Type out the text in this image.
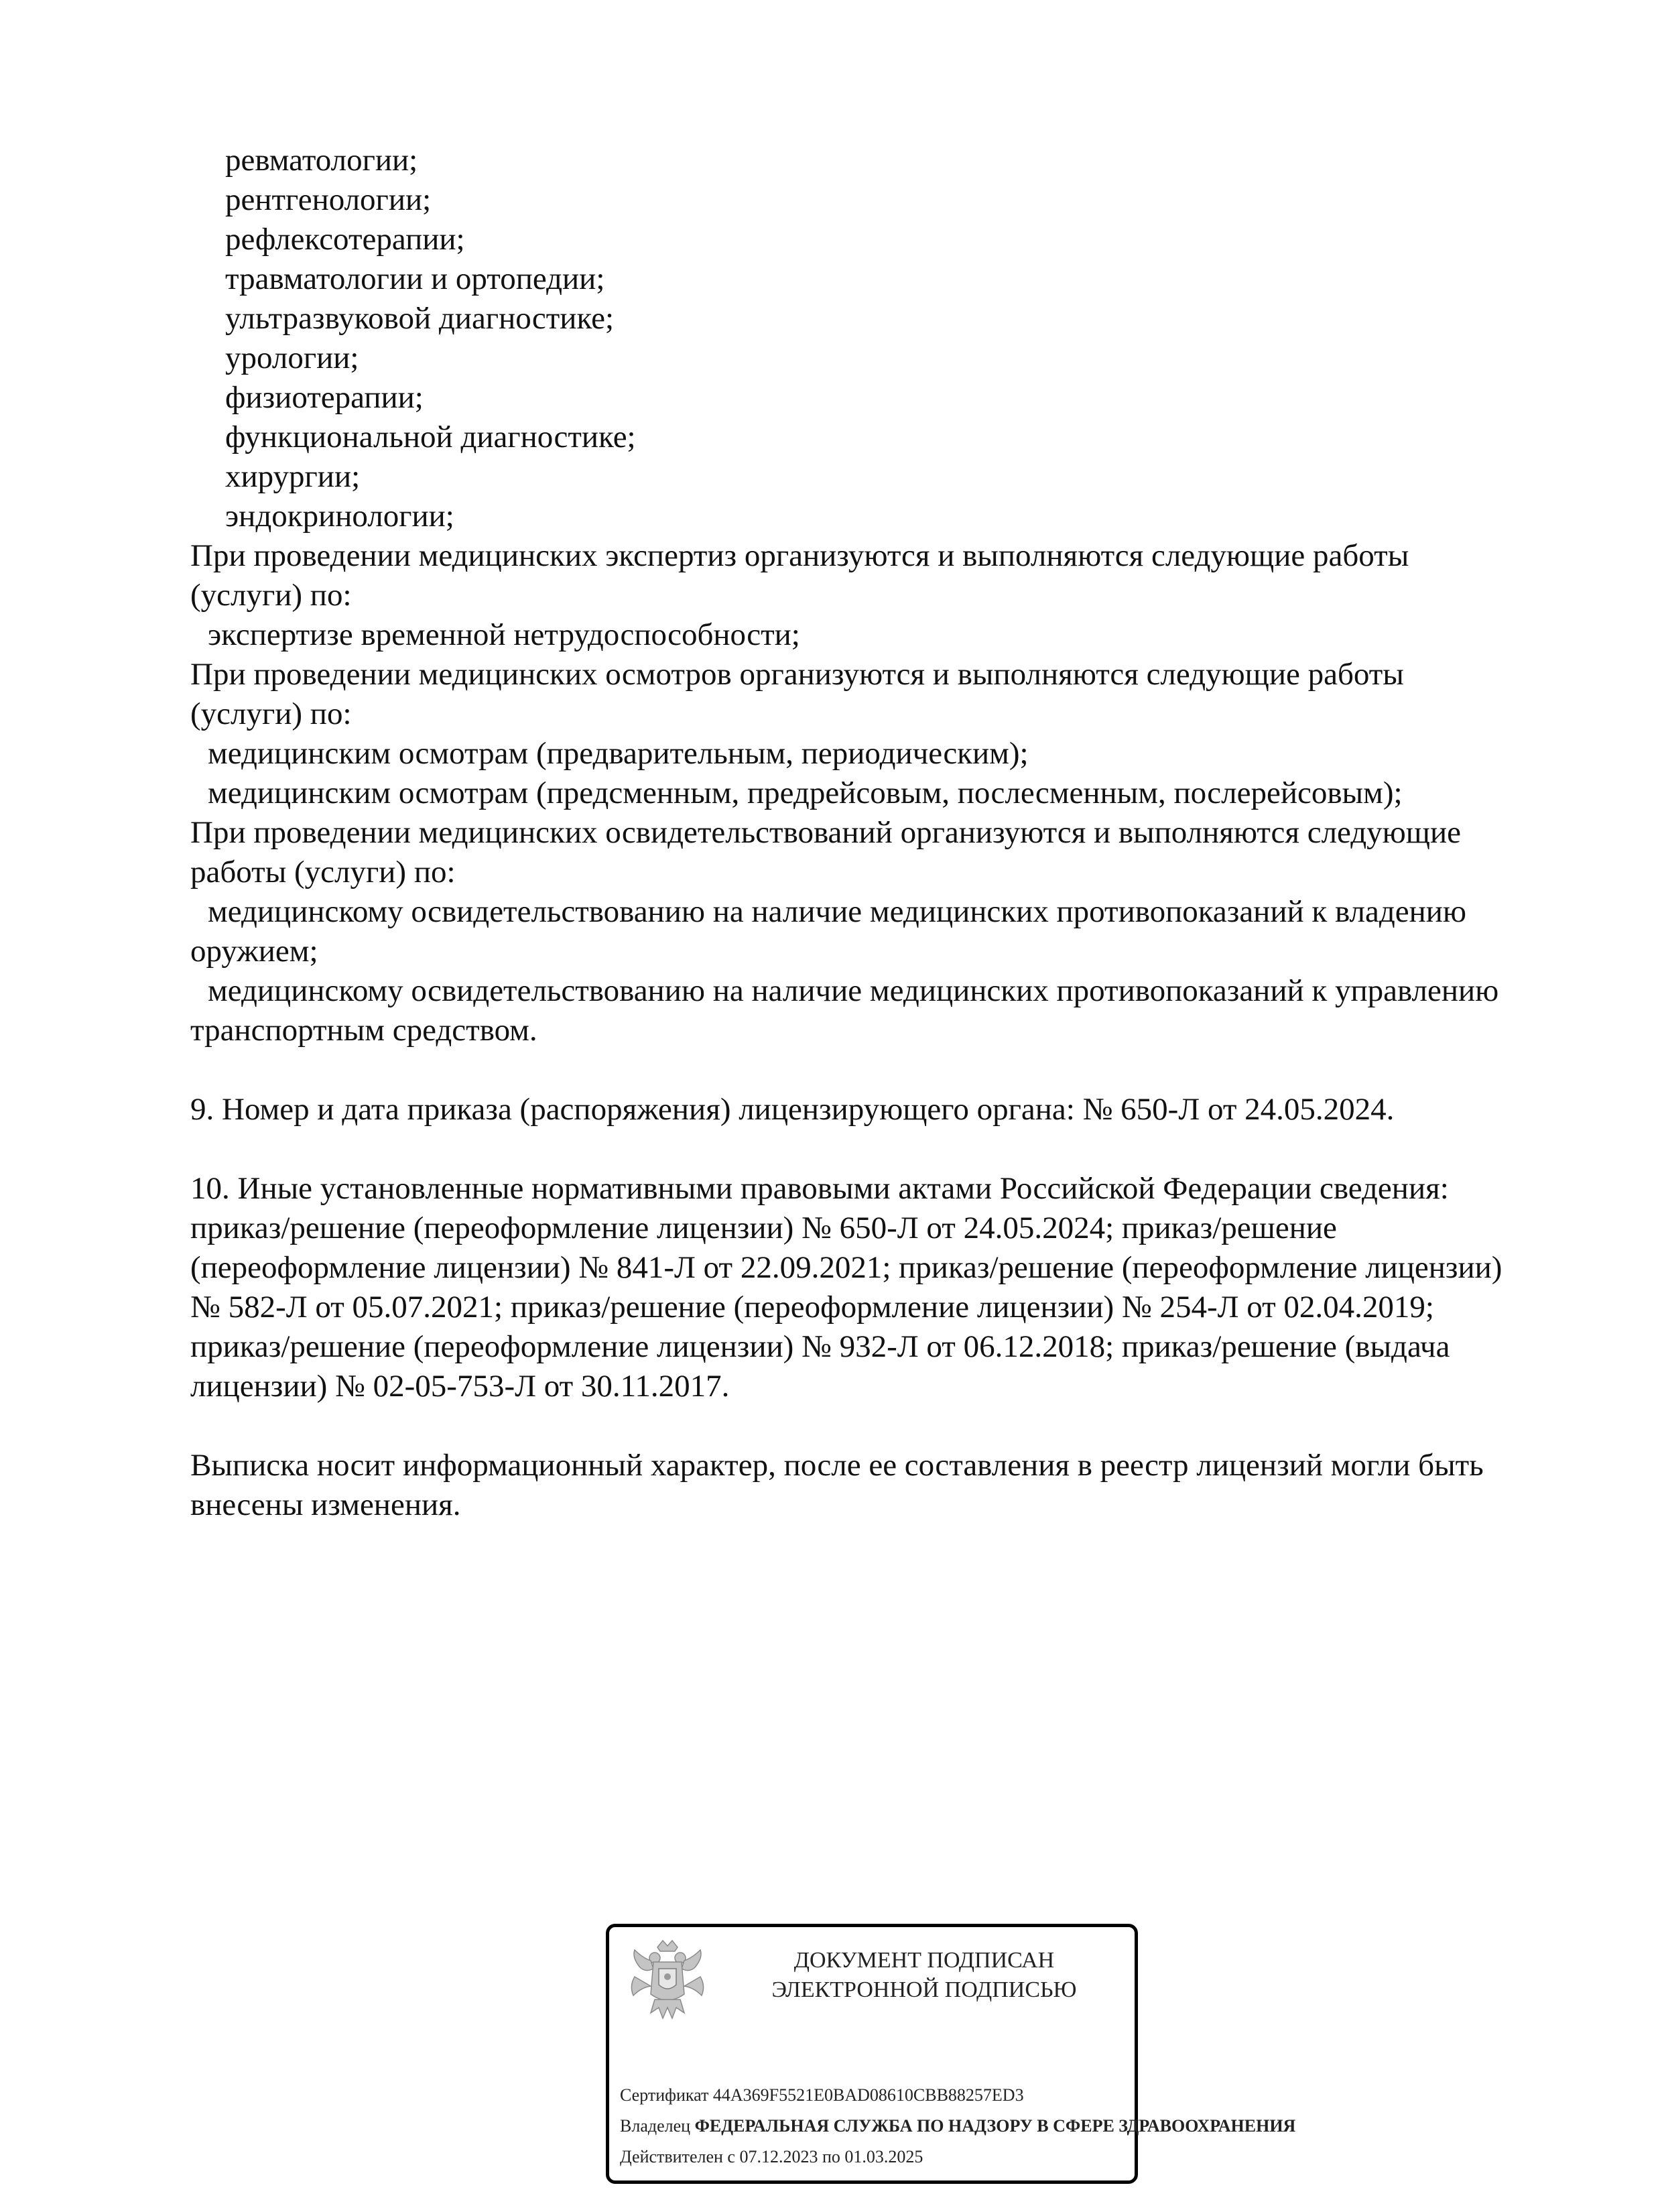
ревматологии;
рентгенологии;
рефлексотерапии;
травматологии и ортопедии;
ультразвуковой диагностике;
урологии;
физиотерапии;
функциональной диагностике;
хирургии;
эндокринологии;
При проведении медицинских экспертиз организуются и выполняются следующие работы
(услуги) по:
экспертизе временной нетрудоспособности;
При проведении медицинских осмотров организуются и выполняются следующие работы
(услуги) по:
медицинским осмотрам (предварительным, периодическим);
медицинским осмотрам (предсменным, предрейсовым, послесменным, послерейсовым);
При проведении медицинских освидетельствований организуются и выполняются следующие
работы (услуги) по:
медицинскому освидетельствованию на наличие медицинских противопоказаний к владению
оружием;
медицинскому освидетельствованию на наличие медицинских противопоказаний к управлению
транспортным средством.
9. Номер и дата приказа (распоряжения) лицензирующего органа: № 650-Л от 24.05.2024.
10. Иные установленные нормативными правовыми актами Российской Федерации сведения:
приказ/решение (переоформление лицензии) № 650-Л от 24.05.2024; приказ/решение
(переоформление лицензии) № 841-Л от 22.09.2021; приказ/решение (переоформление лицензии)
№ 582-Л от 05.07.2021; приказ/решение (переоформление лицензии) № 254-Л от 02.04.2019;
приказ/решение (переоформление лицензии) № 932-Л от 06.12.2018; приказ/решение (выдача
лицензии) № 02-05-753-Л от 30.11.2017.
Выписка носит информационный характер, после ее составления в реестр лицензий могли быть
внесены изменения.
ДОКУМЕНТ ПОДПИСАН
ЭЛЕКТРОННОЙ ПОДПИСЬЮ
Сертификат 44A369F5521E0BAD08610CBB88257ED3
Владелец ФЕДЕРАЛЬНАЯ СЛУЖБА ПО НАДЗОРУ В СФЕРЕ ЗДРАВООХРАНЕНИЯ
Действителен с 07.12.2023 по 01.03.2025
